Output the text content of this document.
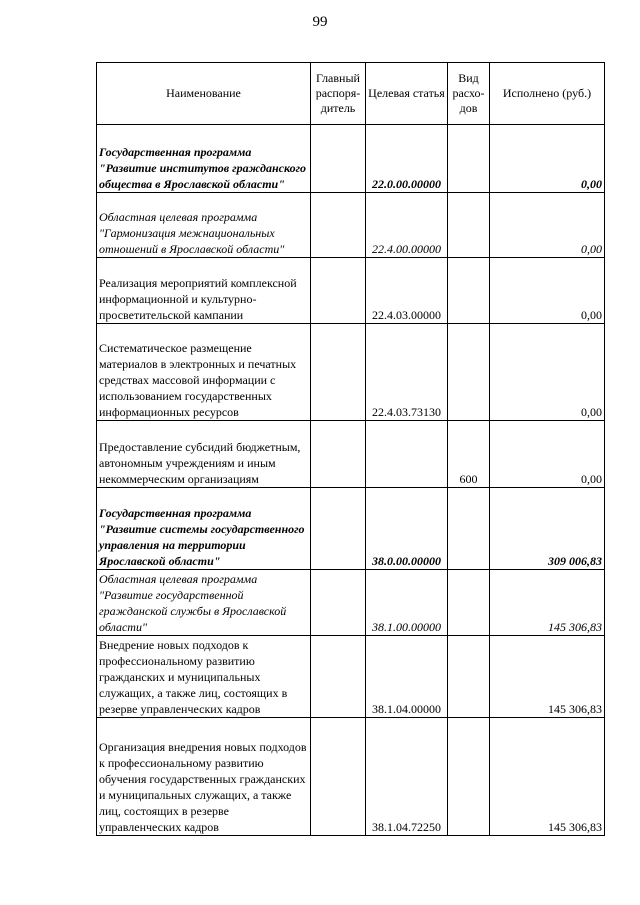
99
Наименование	Главный распоря-дитель	Целевая статья	Вид расхо-дов	Исполнено (руб.)
Государственная программа "Развитие институтов гражданского общества в Ярославской области"		22.0.00.00000		0,00
Областная целевая программа "Гармонизация межнациональных отношений в Ярославской области"		22.4.00.00000		0,00
Реализация мероприятий комплексной информационной и культурно-просветительской кампании		22.4.03.00000		0,00
Систематическое размещение материалов в электронных и печатных средствах массовой информации с использованием государственных информационных ресурсов		22.4.03.73130		0,00
Предоставление субсидий бюджетным, автономным учреждениям и иным некоммерческим организациям			600	0,00
Государственная программа "Развитие системы государственного управления на территории Ярославской области"		38.0.00.00000		309 006,83
Областная целевая программа "Развитие государственной гражданской службы в Ярославской области"		38.1.00.00000		145 306,83
Внедрение новых подходов к профессиональному развитию гражданских и муниципальных служащих, а также лиц, состоящих в резерве управленческих кадров		38.1.04.00000		145 306,83
Организация внедрения новых подходов к профессиональному развитию обучения государственных гражданских и муниципальных служащих, а также лиц, состоящих в резерве управленческих кадров		38.1.04.72250		145 306,83
